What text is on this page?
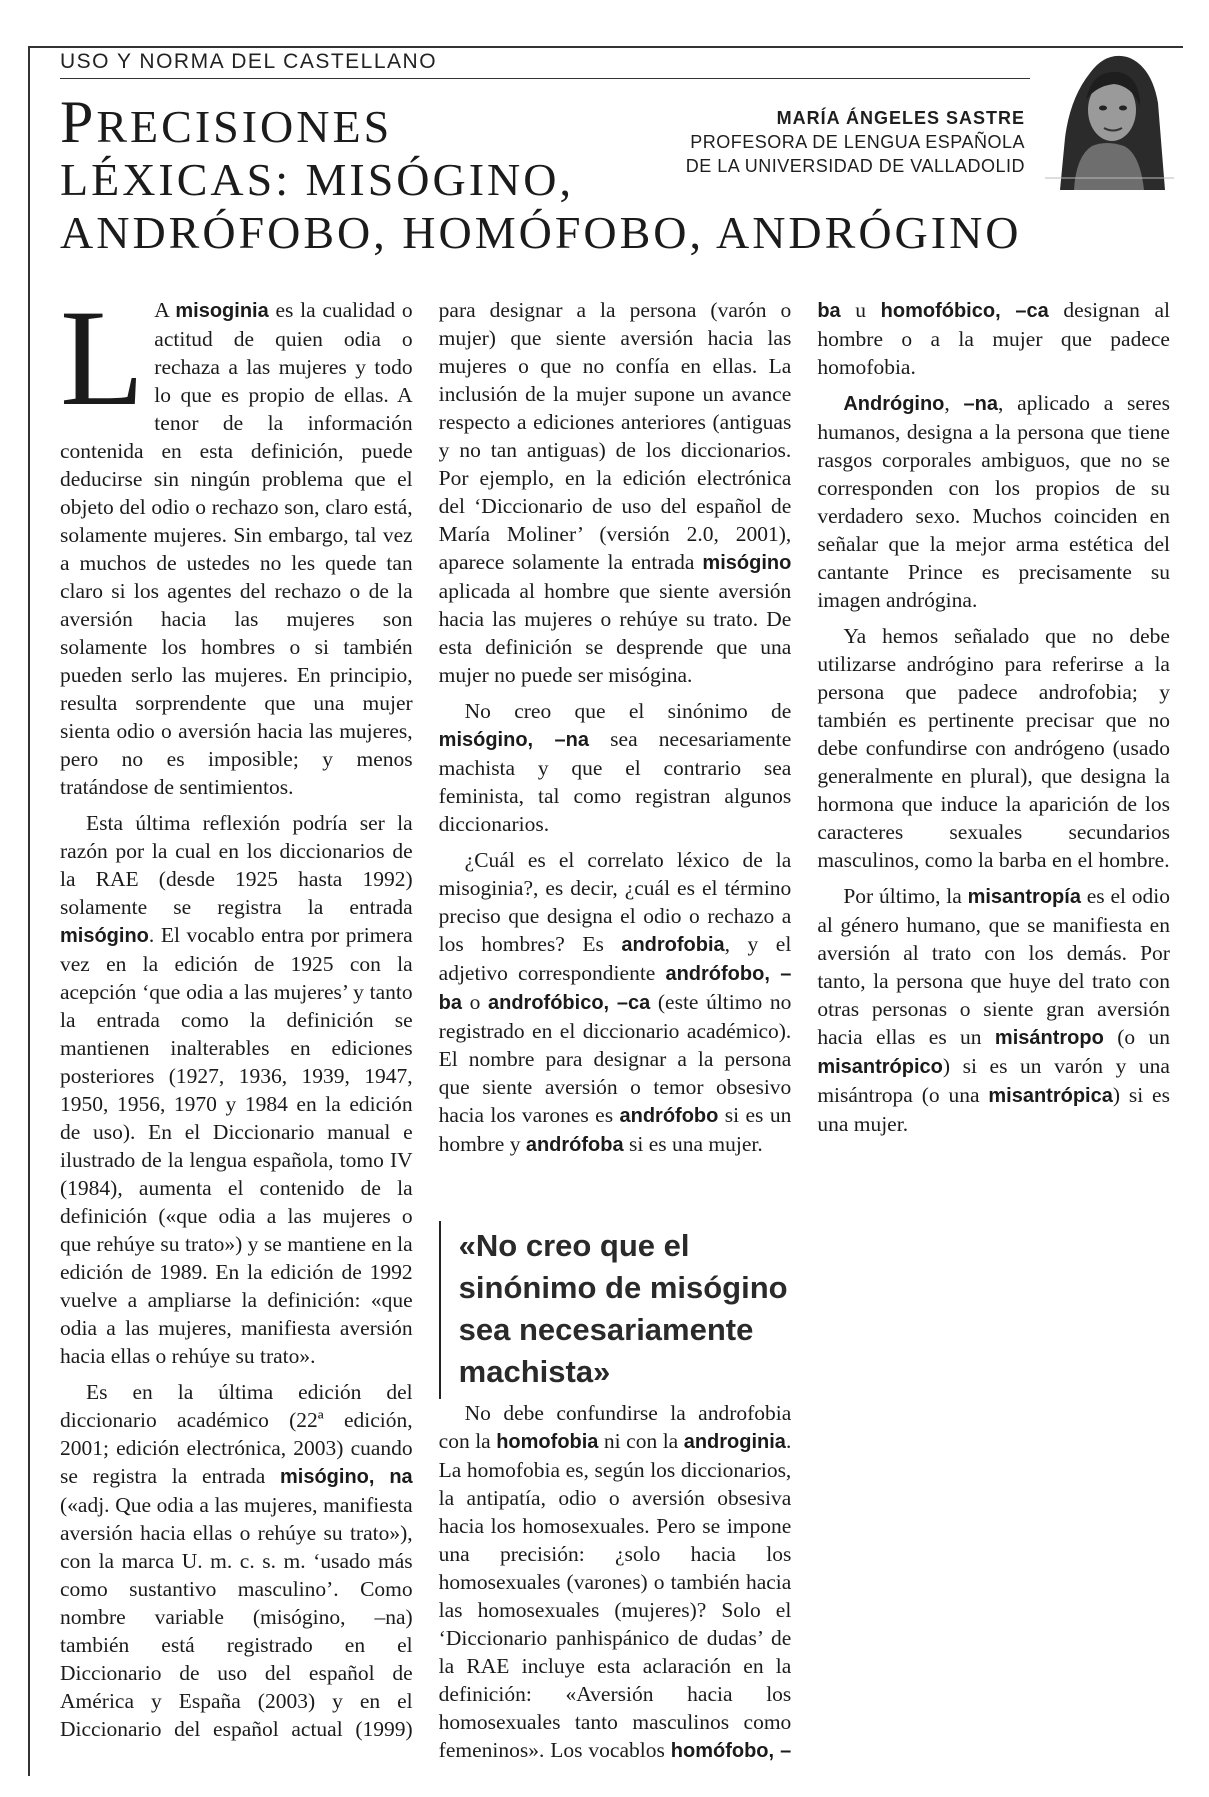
USO Y NORMA DEL CASTELLANO
PRECISIONES
LÉXICAS: MISÓGINO,
ANDRÓFOBO, HOMÓFOBO, ANDRÓGINO
MARÍA ÁNGELES SASTRE
PROFESORA DE LENGUA ESPAÑOLA
DE LA UNIVERSIDAD DE VALLADOLID

L A misoginia es la cualidad o actitud de quien odia o rechaza a las mujeres y todo lo que es propio de ellas. A tenor de la información contenida en esta definición, puede deducirse sin ningún problema que el objeto del odio o rechazo son, claro está, solamente mujeres. Sin embargo, tal vez a muchos de ustedes no les quede tan claro si los agentes del rechazo o de la aversión hacia las mujeres son solamente los hombres o si también pueden serlo las mujeres. En principio, resulta sorprendente que una mujer sienta odio o aversión hacia las mujeres, pero no es imposible; y menos tratándose de sentimientos.

Esta última reflexión podría ser la razón por la cual en los diccionarios de la RAE (desde 1925 hasta 1992) solamente se registra la entrada misógino. El vocablo entra por primera vez en la edición de 1925 con la acepción ‘que odia a las mujeres’ y tanto la entrada como la definición se mantienen inalterables en ediciones posteriores (1927, 1936, 1939, 1947, 1950, 1956, 1970 y 1984 en la edición de uso). En el Diccionario manual e ilustrado de la lengua española, tomo IV (1984), aumenta el contenido de la definición («que odia a las mujeres o que rehúye su trato») y se mantiene en la edición de 1989. En la edición de 1992 vuelve a ampliarse la definición: «que odia a las mujeres, manifiesta aversión hacia ellas o rehúye su trato».

Es en la última edición del diccionario académico (22ª edición, 2001; edición electrónica, 2003) cuando se registra la entrada misógino, na («adj. Que odia a las mujeres, manifiesta aversión hacia ellas o rehúye su trato»), con la marca U. m. c. s. m. ‘usado más como sustantivo masculino’. Como nombre variable (misógino, –na) también está registrado en el Diccionario de uso del español de América y España (2003) y en el Diccionario del español actual (1999) para designar a la persona (varón o mujer) que siente aversión hacia las mujeres o que no confía en ellas. La inclusión de la mujer supone un avance respecto a ediciones anteriores (antiguas y no tan antiguas) de los diccionarios. Por ejemplo, en la edición electrónica del ‘Diccionario de uso del español de María Moliner’ (versión 2.0, 2001), aparece solamente la entrada misógino aplicada al hombre que siente aversión hacia las mujeres o rehúye su trato. De esta definición se desprende que una mujer no puede ser misógina.

No creo que el sinónimo de misógino, –na sea necesariamente machista y que el contrario sea feminista, tal como registran algunos diccionarios.

¿Cuál es el correlato léxico de la misoginia?, es decir, ¿cuál es el término preciso que designa el odio o rechazo a los hombres? Es androfobia, y el adjetivo correspondiente andrófobo, –ba o androfóbico, –ca (este último no registrado en el diccionario académico). El nombre para designar a la persona que siente aversión o temor obsesivo hacia los varones es andrófobo si es un hombre y andrófoba si es una mujer.

«No creo que el sinónimo de misógino sea necesariamente machista»

No debe confundirse la androfobia con la homofobia ni con la androginia. La homofobia es, según los diccionarios, la antipatía, odio o aversión obsesiva hacia los homosexuales. Pero se impone una precisión: ¿solo hacia los homosexuales (varones) o también hacia las homosexuales (mujeres)? Solo el ‘Diccionario panhispánico de dudas’ de la RAE incluye esta aclaración en la definición: «Aversión hacia los homosexuales tanto masculinos como femeninos». Los vocablos homófobo, –ba u homofóbico, –ca designan al hombre o a la mujer que padece homofobia.

Andrógino, –na, aplicado a seres humanos, designa a la persona que tiene rasgos corporales ambiguos, que no se corresponden con los propios de su verdadero sexo. Muchos coinciden en señalar que la mejor arma estética del cantante Prince es precisamente su imagen andrógina.

Ya hemos señalado que no debe utilizarse andrógino para referirse a la persona que padece androfobia; y también es pertinente precisar que no debe confundirse con andrógeno (usado generalmente en plural), que designa la hormona que induce la aparición de los caracteres sexuales secundarios masculinos, como la barba en el hombre.

Por último, la misantropía es el odio al género humano, que se manifiesta en aversión al trato con los demás. Por tanto, la persona que huye del trato con otras personas o siente gran aversión hacia ellas es un misántropo (o un misantrópico) si es un varón y una misántropa (o una misantrópica) si es una mujer.
